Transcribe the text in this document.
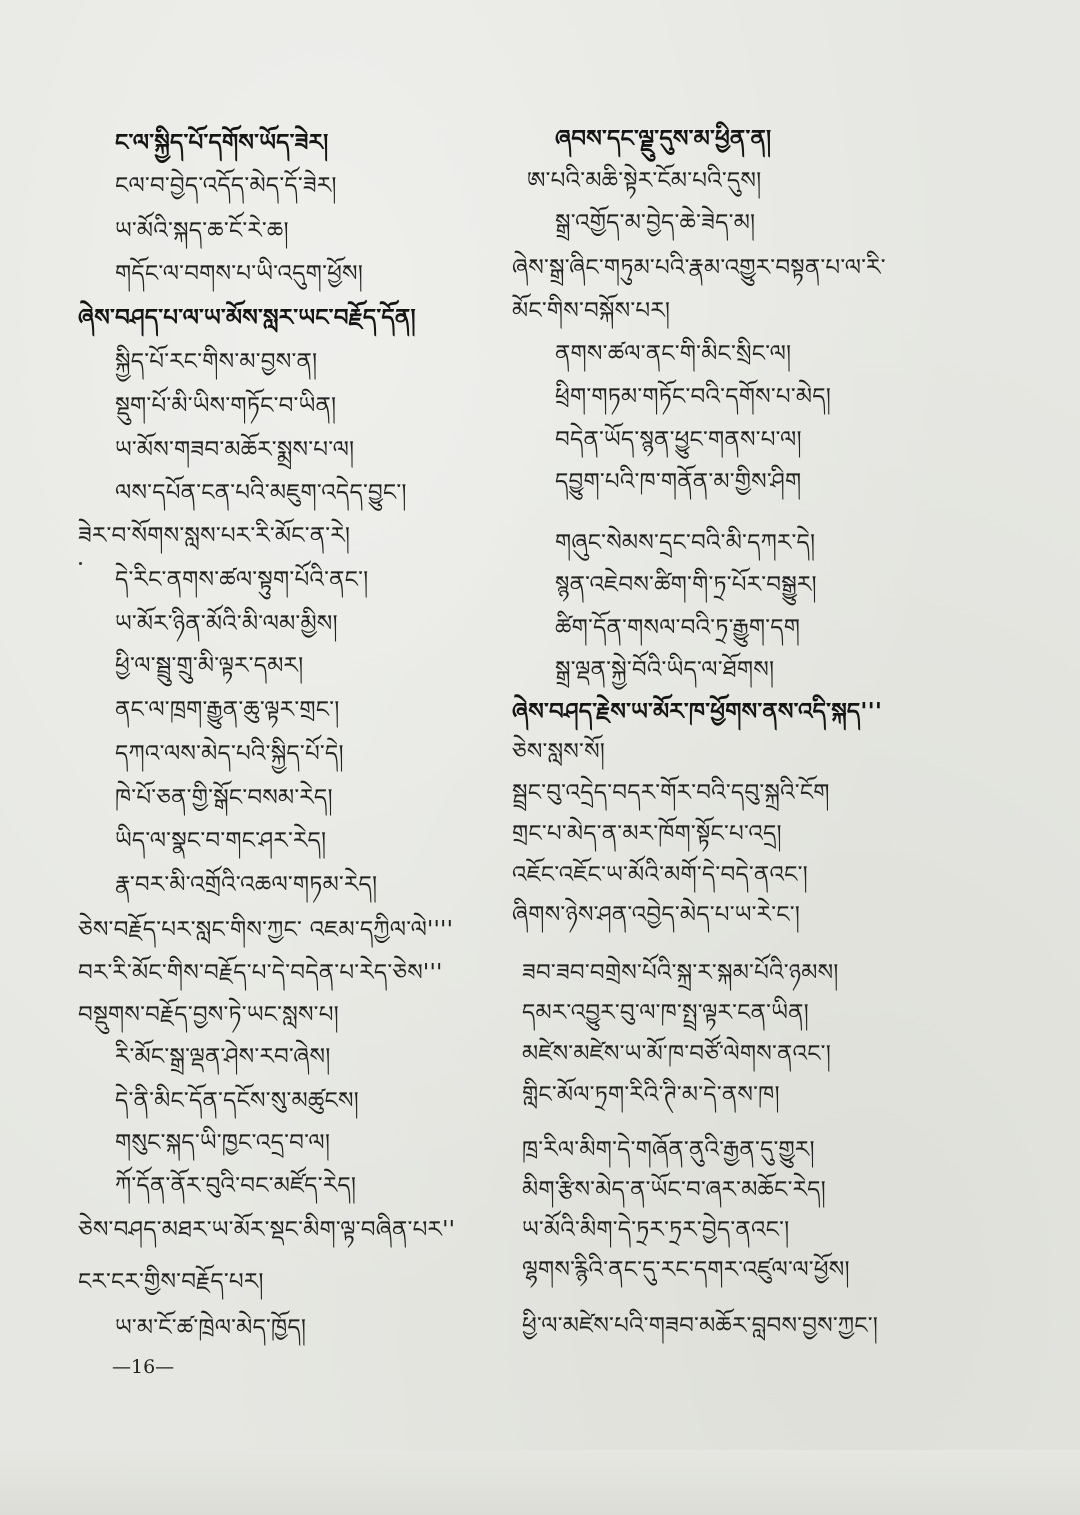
ང་ལ་སྐྱིད་པོ་དགོས་ཡོད་ཟེར།
ངལ་བ་བྱེད་འདོད་མེད་དོ་ཟེར།
ཡ་མོའི་སྐད་ཆ་ངོ་རེ་ཆ།
གདོང་ལ་བགས་པ་ཡི་འདུག་ཕྱོས།
ཞེས་བཤད་པ་ལ་ཡ་མོས་སླར་ཡང་བརྗོད་དོན།
སྐྱིད་པོ་རང་གིས་མ་བྱས་ན།
སྡུག་པོ་མི་ཡིས་གཏོང་བ་ཡིན།
ཡ་མོས་གཟབ་མཆོར་སྨྲས་པ་ལ།
ལས་དཔོན་ངན་པའི་མཇུག་འདེད་བྱུང་།
ཟེར་བ་སོགས་སླས་པར་རི་མོང་ན་རེ།
དེ་རིང་ནགས་ཚལ་སྟུག་པོའི་ནང་།
ཡ་མོར་ཉིན་མོའི་མི་ལམ་མྱིས།
ཕྱི་ལ་སྦྲུ་གྲུ་མི་ལྟར་དམར།
ནང་ལ་ཁྲག་རྒྱུན་ཆུ་ལྟར་གྲང་།
དཀའ་ལས་མེད་པའི་སྐྱིད་པོ་དེ།
ཁེ་པོ་ཅན་གྱི་སྒོང་བསམ་རེད།
ཡིད་ལ་སྣང་བ་གང་ཤར་རེད།
རྣ་བར་མི་འགྲོའི་འཆལ་གཏམ་རེད།
ཅེས་བརྗོད་པར་སླང་གིས་ཀྱང་ འཇམ་དཀྱིལ་ལེ''''
བར་རི་མོང་གིས་བརྗོད་པ་དེ་བདེན་པ་རེད་ཅེས'''
བསྡུགས་བརྗོད་བྱས་ཏེ་ཡང་སླས་པ།
རི་མོང་སྒྲ་ལྡན་ཤེས་རབ་ཞེས།
དེ་ནི་མིང་དོན་དངོས་སུ་མཚུངས།
གསུང་སྐད་ཡི་ཁྱང་འདྲ་བ་ལ།
ཀོ་དོན་ནོར་བུའི་བང་མཛོད་རེད།
ཅེས་བཤད་མཐར་ཡ་མོར་སྡང་མིག་ལྟ་བཞིན་པར''
ངར་ངར་གྱིས་བརྗོད་པར།
ཡ་མ་ངོ་ཚ་ཁྲེལ་མེད་ཁྱོད།
—16—
ཞབས་དང་ལྗུ་དུས་མ་ཕྱིན་ན།
ཨ་པའི་མཆི་སྟེར་ངོམ་པའི་དུས།
སྒྲ་འགྱོད་མ་བྱེད་ཆེ་ཟེད་མ།
ཞེས་སྒྲ་ཞིང་གཏུམ་པའི་རྣམ་འགྱུར་བསྟན་པ་ལ་རི་
མོང་གིས་བསྐོས་པར།
ནགས་ཚལ་ནང་གི་མིང་སྲིང་ལ།
ཕྲིག་གཏམ་གཏོང་བའི་དགོས་པ་མེད།
བདེན་ཡོད་སྙན་ཕྱུང་གནས་པ་ལ།
དབྱུག་པའི་ཁ་གནོན་མ་གྱིས་ཤིག
གཞུང་སེམས་དྲང་བའི་མི་དཀར་དེ།
སྙན་འཇེབས་ཚིག་གི་ཏྲ་པོར་བསྒྱུར།
ཚིག་དོན་གསལ་བའི་ཏྲ་རྒྱུག་དག
སྒྲ་ལྡན་སྐྱེ་བོའི་ཡིད་ལ་ཐོགས།
ཞེས་བཤད་རྗེས་ཡ་མོར་ཁ་ཕྱོགས་ནས་འདི་སྐད'''
ཅེས་སླས་སོ།
སྦྲང་བུ་འདྲེད་བདར་གོར་བའི་དབུ་སྐྲའི་ངོག
གྲང་པ་མེད་ན་མར་ཁོག་སྟོང་པ་འདྲ།
འཇོང་འཇོང་ཡ་མོའི་མགོ་དེ་བདེ་ནའང་།
ཞིགས་ཉེས་ཤན་འབྱེད་མེད་པ་ཡ་རེ་ང་།
ཟབ་ཟབ་བགྲེས་པོའི་སྐྲ་ར་སྐམ་པོའི་ཉམས།
དམར་འབྱུར་བུ་ལ་ཁ་སྤྲ་ལྟར་ངན་ཡིན།
མཛེས་མཛེས་ཡ་མོ་ཁ་བཙོ་ལེགས་ནའང་།
གླིང་མོལ་ཏྲག་རིའི་ཊི་མ་དེ་ནས་ཁ།
ཁྲ་རིལ་མིག་དེ་གཞོན་ནུའི་རྒྱན་དུ་གྱུར།
མིག་རྩིས་མེད་ན་ཡོང་བ་ཞར་མཆོང་རེད།
ཡ་མོའི་མིག་དེ་ཏྲར་ཏྲར་བྱེད་ནའང་།
ལྷགས་རྙིའི་ནང་དུ་རང་དགར་འཛུལ་ལ་ཕྱོས།
ཕྱི་ལ་མཛེས་པའི་གཟབ་མཆོར་བླབས་བྱས་ཀྱང་།
